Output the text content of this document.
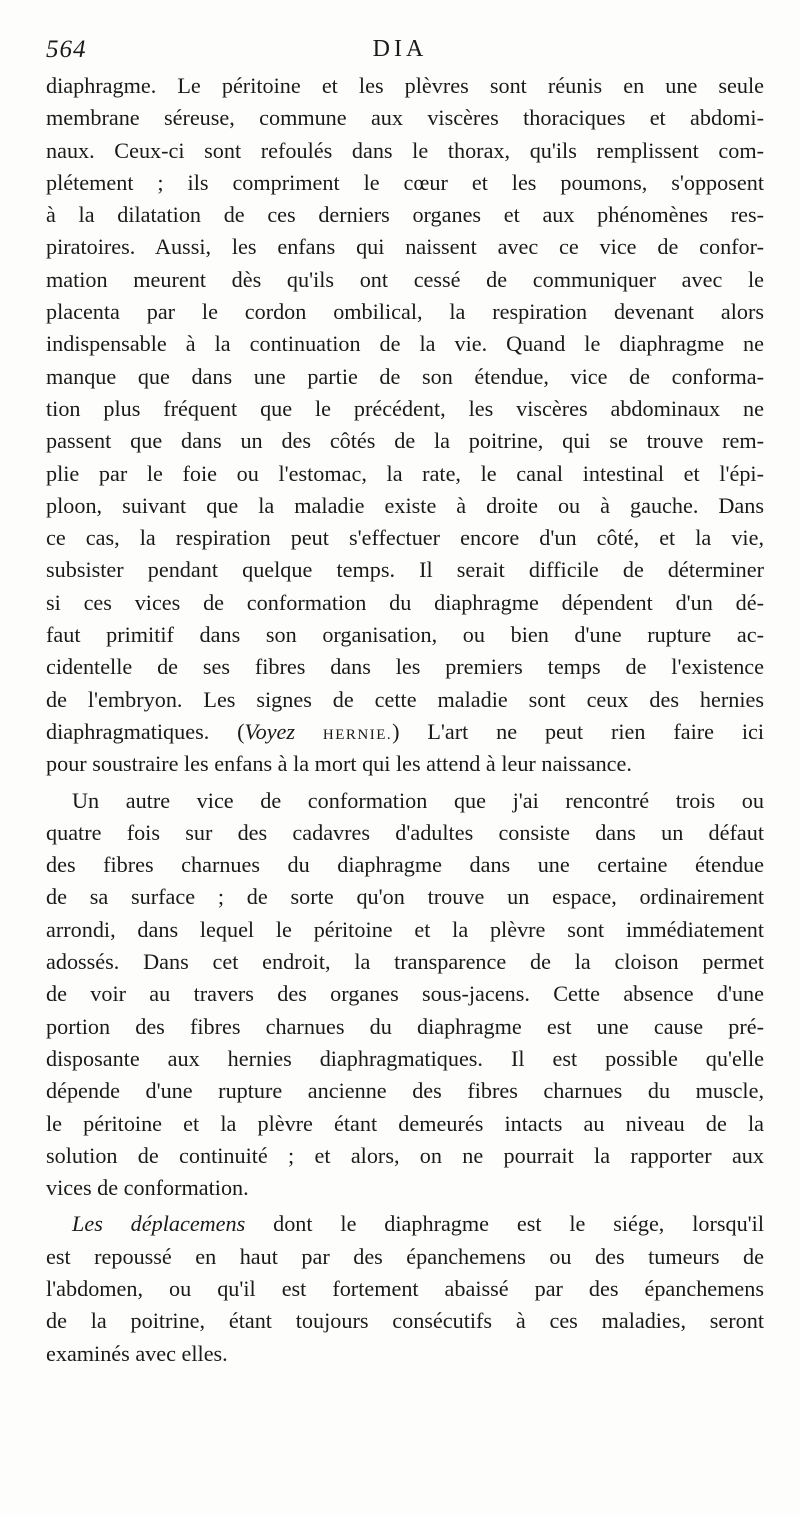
564	DIA

diaphragme. Le péritoine et les plèvres sont réunis en une seule
membrane séreuse, commune aux viscères thoraciques et abdomi-
naux. Ceux-ci sont refoulés dans le thorax, qu'ils remplissent com-
plétement ; ils compriment le cœur et les poumons, s'opposent
à la dilatation de ces derniers organes et aux phénomènes res-
piratoires. Aussi, les enfans qui naissent avec ce vice de confor-
mation meurent dès qu'ils ont cessé de communiquer avec le
placenta par le cordon ombilical, la respiration devenant alors
indispensable à la continuation de la vie. Quand le diaphragme ne
manque que dans une partie de son étendue, vice de conforma-
tion plus fréquent que le précédent, les viscères abdominaux ne
passent que dans un des côtés de la poitrine, qui se trouve rem-
plie par le foie ou l'estomac, la rate, le canal intestinal et l'épi-
ploon, suivant que la maladie existe à droite ou à gauche. Dans
ce cas, la respiration peut s'effectuer encore d'un côté, et la vie,
subsister pendant quelque temps. Il serait difficile de déterminer
si ces vices de conformation du diaphragme dépendent d'un dé-
faut primitif dans son organisation, ou bien d'une rupture ac-
cidentelle de ses fibres dans les premiers temps de l'existence
de l'embryon. Les signes de cette maladie sont ceux des hernies
diaphragmatiques. (Voyez HERNIE.) L'art ne peut rien faire ici
pour soustraire les enfans à la mort qui les attend à leur naissance.

Un autre vice de conformation que j'ai rencontré trois ou
quatre fois sur des cadavres d'adultes consiste dans un défaut
des fibres charnues du diaphragme dans une certaine étendue
de sa surface ; de sorte qu'on trouve un espace, ordinairement
arrondi, dans lequel le péritoine et la plèvre sont immédiatement
adossés. Dans cet endroit, la transparence de la cloison permet
de voir au travers des organes sous-jacens. Cette absence d'une
portion des fibres charnues du diaphragme est une cause pré-
disposante aux hernies diaphragmatiques. Il est possible qu'elle
dépende d'une rupture ancienne des fibres charnues du muscle,
le péritoine et la plèvre étant demeurés intacts au niveau de la
solution de continuité ; et alors, on ne pourrait la rapporter aux
vices de conformation.

Les déplacemens dont le diaphragme est le siége, lorsqu'il
est repoussé en haut par des épanchemens ou des tumeurs de
l'abdomen, ou qu'il est fortement abaissé par des épanchemens
de la poitrine, étant toujours consécutifs à ces maladies, seront
examinés avec elles.
